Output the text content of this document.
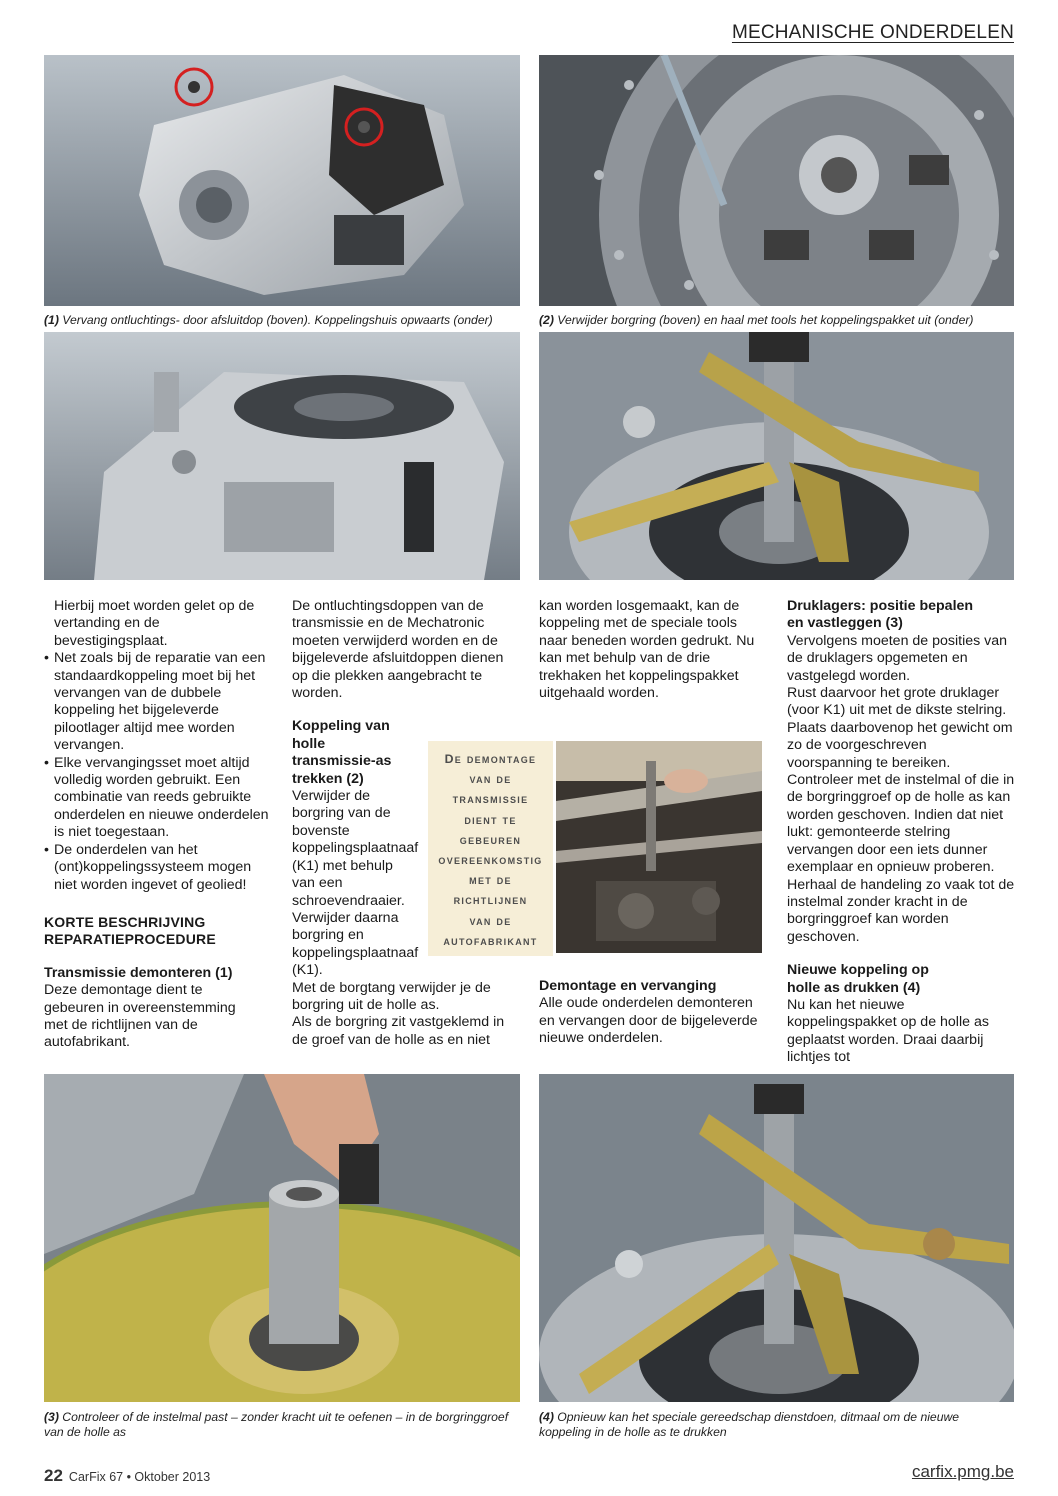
MECHANISCHE ONDERDELEN
(1) Vervang ontluchtings- door afsluitdop (boven). Koppelingshuis opwaarts (onder)	(2) Verwijder borgring (boven) en haal met tools het koppelingspakket uit (onder)

Hierbij moet worden gelet op de vertanding en de bevestigingsplaat.

• Net zoals bij de reparatie van een standaardkoppeling moet bij het vervangen van de dubbele koppeling het bijgeleverde pilootlager altijd mee worden vervangen.
• Elke vervangingsset moet altijd volledig worden gebruikt. Een combinatie van reeds gebruikte onderdelen en nieuwe onderdelen is niet toegestaan.
• De onderdelen van het (ont)koppelingssysteem mogen niet worden ingevet of geolied!

KORTE BESCHRIJVING REPARATIEPROCEDURE

Transmissie demonteren (1)

Deze demontage dient te gebeuren in overeenstemming met de richtlijnen van de autofabrikant.

De ontluchtingsdoppen van de transmissie en de Mechatronic moeten verwijderd worden en de bijgeleverde afsluitdoppen dienen op die plekken aangebracht te worden.

Koppeling van holle transmissie-as trekken (2)

Verwijder de borgring van de bovenste koppelingsplaatnaaf (K1) met behulp van een schroevendraaier. Verwijder daarna borgring en koppelingsplaatnaaf (K1).

Met de borgtang verwijder je de borgring uit de holle as.

Als de borgring zit vastgeklemd in de groef van de holle as en niet

De demontage
van de
transmissie
dient te
gebeuren
overeenkomstig
met de
richtlijnen
van de
autofabrikant

kan worden losgemaakt, kan de koppeling met de speciale tools naar beneden worden gedrukt. Nu kan met behulp van de drie trekhaken het koppelingspakket uitgehaald worden.

Demontage en vervanging

Alle oude onderdelen demonteren en vervangen door de bijgeleverde nieuwe onderdelen.

Druklagers: positie bepalen en vastleggen (3)

Vervolgens moeten de posities van de druklagers opgemeten en vastgelegd worden.

Rust daarvoor het grote druklager (voor K1) uit met de dikste stelring. Plaats daarbovenop het gewicht om zo de voorgeschreven voorspanning te bereiken. Controleer met de instelmal of die in de borgringgroef op de holle as kan worden geschoven. Indien dat niet lukt: gemonteerde stelring vervangen door een iets dunner exemplaar en opnieuw proberen. Herhaal de handeling zo vaak tot de instelmal zonder kracht in de borgringgroef kan worden geschoven.

Nieuwe koppeling op holle as drukken (4)

Nu kan het nieuwe koppelingspakket op de holle as geplaatst worden. Draai daarbij lichtjes tot

(3) Controleer of de instelmal past – zonder kracht uit te oefenen – in de borgringgroef van de holle as
(4) Opnieuw kan het speciale gereedschap dienstdoen, ditmaal om de nieuwe koppeling in de holle as te drukken
22 CarFix 67 • Oktober 2013	carfix.pmg.be
